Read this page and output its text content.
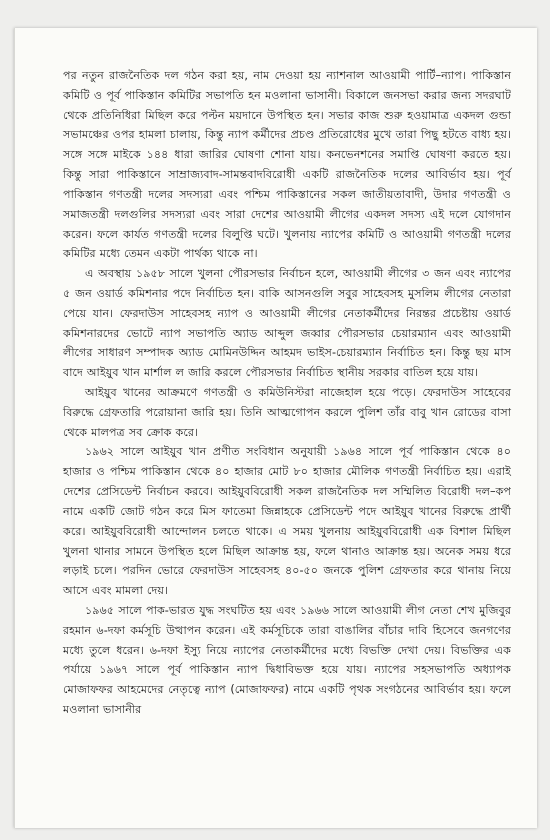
পর নতুন রাজনৈতিক দল গঠন করা হয়, নাম দেওয়া হয় ন্যাশনাল আওয়ামী পার্টি–ন্যাপ। পাকিস্তান কমিটি ও পূর্ব পাকিস্তান কমিটির সভাপতি হন মওলানা ভাসানী। বিকালে জনসভা করার জন্য সদরঘাট থেকে প্রতিনিধিরা মিছিল করে পল্টন ময়দানে উপস্থিত হন। সভার কাজ শুরু হওয়ামাত্র একদল গুন্ডা সভামঞ্চের ওপর হামলা চালায়, কিন্তু ন্যাপ কর্মীদের প্রচণ্ড প্রতিরোধের মুখে তারা পিছু হটতে বাধ্য হয়। সঙ্গে সঙ্গে মাইকে ১৪৪ ধারা জারির ঘোষণা শোনা যায়। কনভেনশনের সমাপ্তি ঘোষণা করতে হয়। কিন্তু সারা পাকিস্তানে সাম্রাজ্যবাদ-সামন্তবাদবিরোধী একটি রাজনৈতিক দলের আবির্ভাব হয়। পূর্ব পাকিস্তান গণতন্ত্রী দলের সদস্যরা এবং পশ্চিম পাকিস্তানের সকল জাতীয়তাবাদী, উদার গণতন্ত্রী ও সমাজতন্ত্রী দলগুলির সদস্যরা এবং সারা দেশের আওয়ামী লীগের একদল সদস্য এই দলে যোগদান করেন। ফলে কার্যত গণতন্ত্রী দলের বিলুপ্তি ঘটে। খুলনায় ন্যাপের কমিটি ও আওয়ামী গণতন্ত্রী দলের কমিটির মধ্যে তেমন একটা পার্থক্য থাকে না।

এ অবস্থায় ১৯৫৮ সালে খুলনা পৌরসভার নির্বাচন হলে, আওয়ামী লীগের ৩ জন এবং ন্যাপের ৫ জন ওয়ার্ড কমিশনার পদে নির্বাচিত হন। বাকি আসনগুলি সবুর সাহেবসহ মুসলিম লীগের নেতারা পেয়ে যান। ফেরদাউস সাহেবসহ ন্যাপ ও আওয়ামী লীগের নেতাকর্মীদের নিরন্তর প্রচেষ্টায় ওয়ার্ড কমিশনারদের ভোটে ন্যাপ সভাপতি অ্যাড আব্দুল জব্বার পৌরসভার চেয়ারম্যান এবং আওয়ামী লীগের সাধারণ সম্পাদক অ্যাড মোমিনউদ্দিন আহমদ ভাইস-চেয়ারম্যান নির্বাচিত হন। কিন্তু ছয় মাস বাদে আইয়ুব খান মার্শাল ল জারি করলে পৌরসভার নির্বাচিত স্থানীয় সরকার বাতিল হয়ে যায়।

আইয়ুব খানের আক্রমণে গণতন্ত্রী ও কমিউনিস্টরা নাজেহাল হয়ে পড়ে। ফেরদাউস সাহেবের বিরুদ্ধে গ্রেফতারি পরোয়ানা জারি হয়। তিনি আত্মগোপন করলে পুলিশ তাঁর বাবু খান রোডের বাসা থেকে মালপত্র সব ক্রোক করে।

১৯৬২ সালে আইয়ুব খান প্রণীত সংবিধান অনুযায়ী ১৯৬৪ সালে পূর্ব পাকিস্তান থেকে ৪০ হাজার ও পশ্চিম পাকিস্তান থেকে ৪০ হাজার মোট ৮০ হাজার মৌলিক গণতন্ত্রী নির্বাচিত হয়। এরাই দেশের প্রেসিডেন্ট নির্বাচন করবে। আইয়ুববিরোধী সকল রাজনৈতিক দল সম্মিলিত বিরোধী দল–কপ নামে একটি জোট গঠন করে মিস ফাতেমা জিন্নাহকে প্রেসিডেন্ট পদে আইয়ুব খানের বিরুদ্ধে প্রার্থী করে। আইয়ুববিরোধী আন্দোলন চলতে থাকে। এ সময় খুলনায় আইয়ুববিরোধী এক বিশাল মিছিল খুলনা থানার সামনে উপস্থিত হলে মিছিল আক্রান্ত হয়, ফলে থানাও আক্রান্ত হয়। অনেক সময় ধরে লড়াই চলে। পরদিন ভোরে ফেরদাউস সাহেবসহ ৪০-৫০ জনকে পুলিশ গ্রেফতার করে থানায় নিয়ে আসে এবং মামলা দেয়।

১৯৬৫ সালে পাক-ভারত যুদ্ধ সংঘটিত হয় এবং ১৯৬৬ সালে আওয়ামী লীগ নেতা শেখ মুজিবুর রহমান ৬-দফা কর্মসূচি উত্থাপন করেন। এই কর্মসূচিকে তারা বাঙালির বাঁচার দাবি হিসেবে জনগণের মধ্যে তুলে ধরেন। ৬-দফা ইস্যু নিয়ে ন্যাপের নেতাকর্মীদের মধ্যে বিভক্তি দেখা দেয়। বিভক্তির এক পর্যায়ে ১৯৬৭ সালে পূর্ব পাকিস্তান ন্যাপ দ্বিধাবিভক্ত হয়ে যায়। ন্যাপের সহসভাপতি অধ্যাপক মোজাফফর আহমেদের নেতৃত্বে ন্যাপ (মোজাফফর) নামে একটি পৃথক সংগঠনের আবির্ভাব হয়। ফলে মওলানা ভাসানীর
